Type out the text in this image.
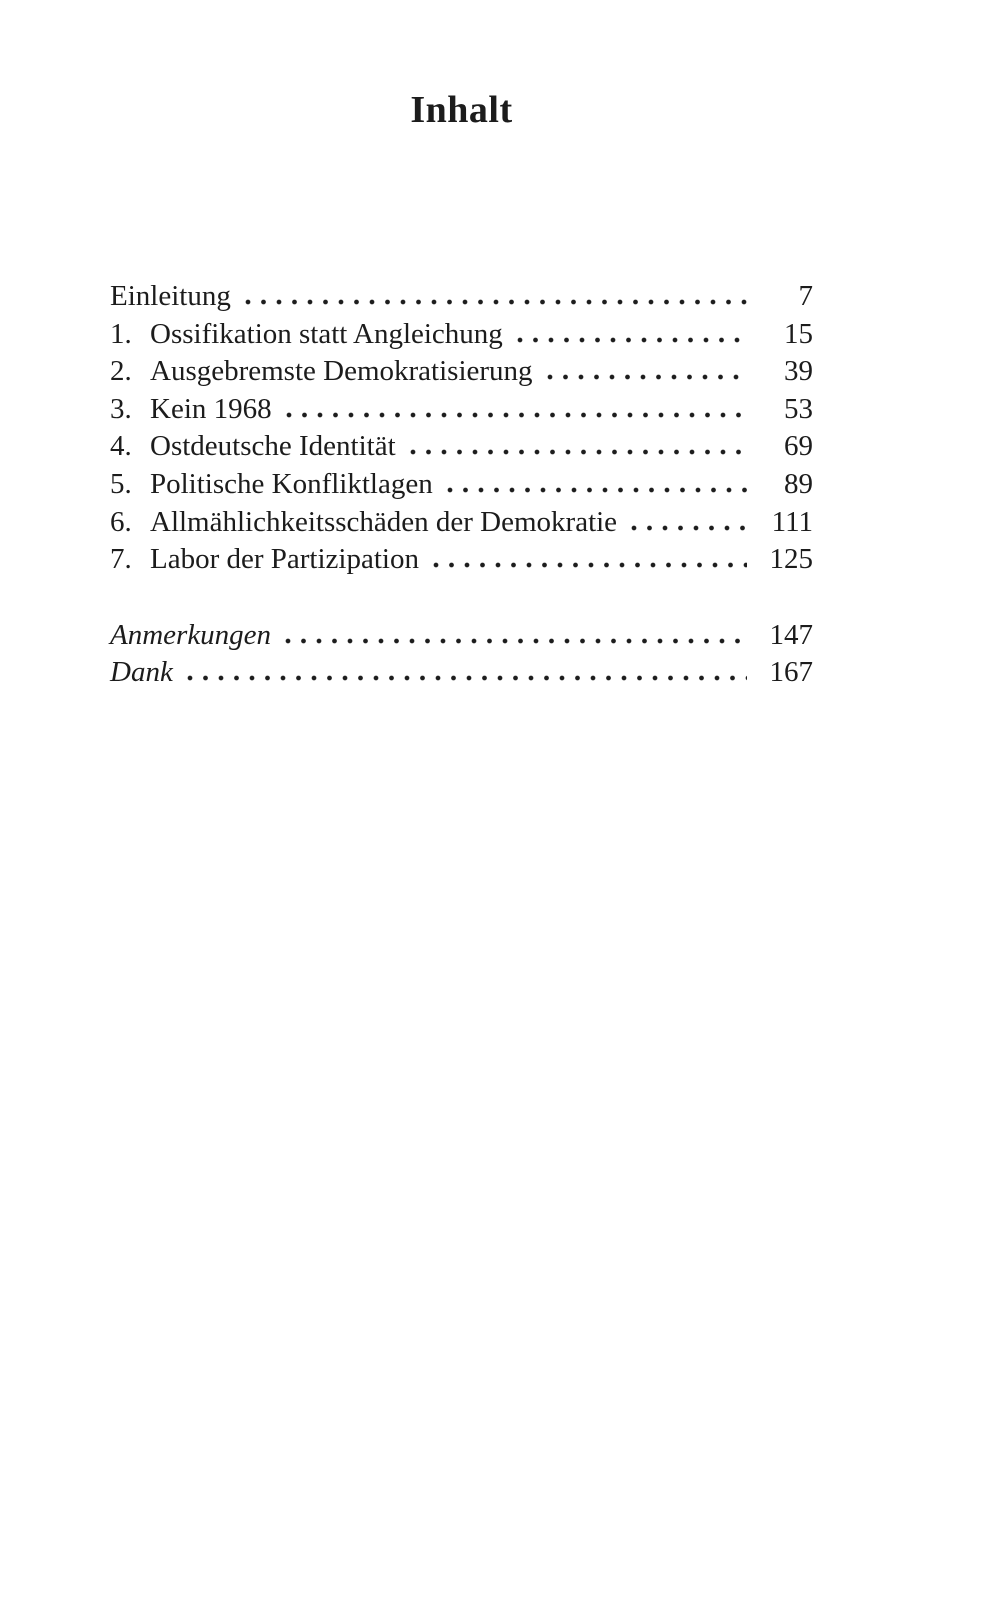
Inhalt
Einleitung	7
1. Ossifikation statt Angleichung	15
2. Ausgebremste Demokratisierung	39
3. Kein 1968	53
4. Ostdeutsche Identität	69
5. Politische Konfliktlagen	89
6. Allmählichkeitsschäden der Demokratie	111
7. Labor der Partizipation	125
Anmerkungen	147
Dank	167
